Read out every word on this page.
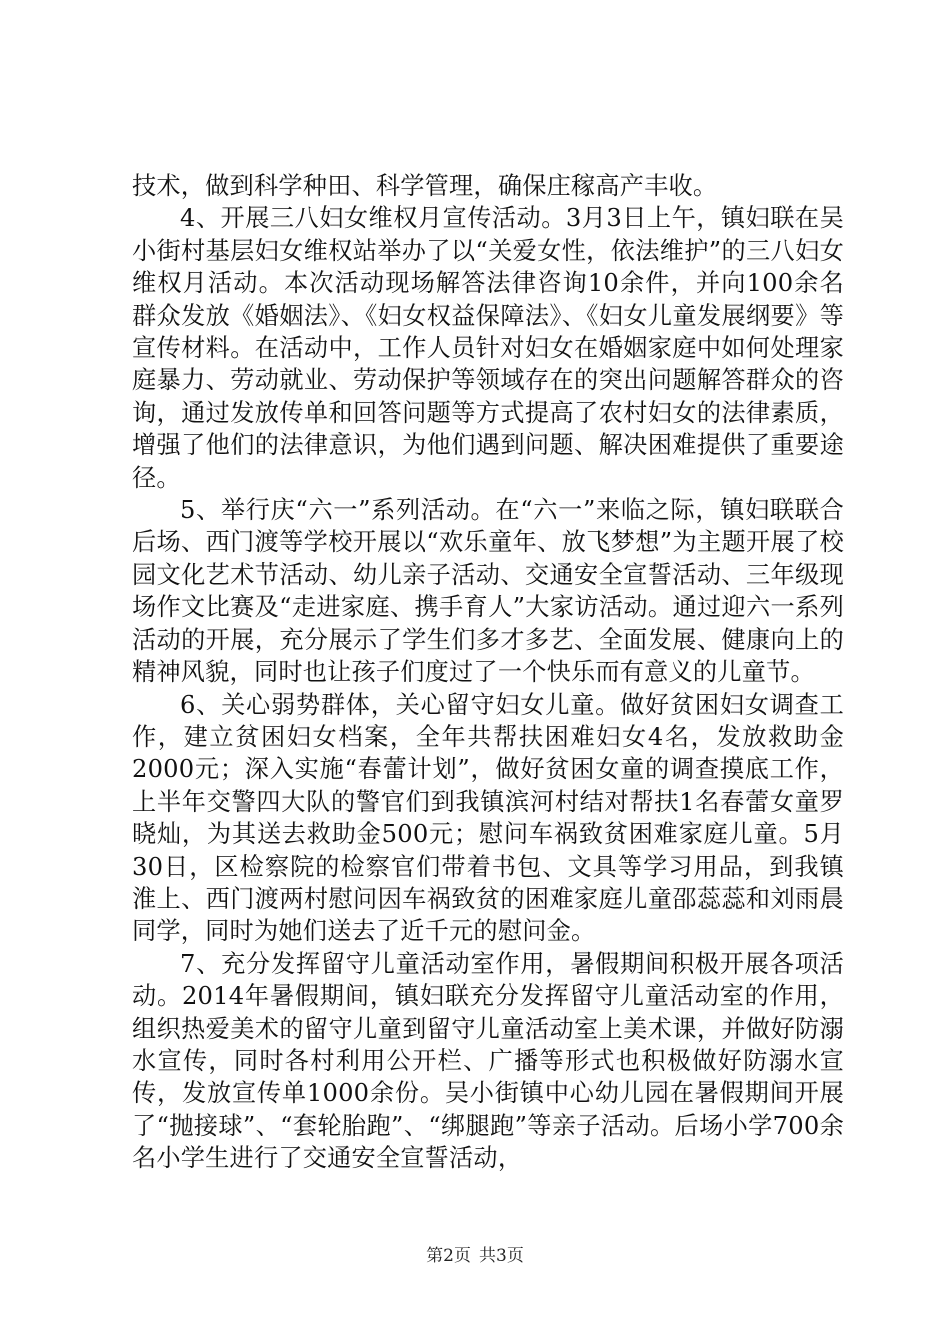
技术，做到科学种田、科学管理，确保庄稼高产丰收。

4、开展三八妇女维权月宣传活动。3月3日上午，镇妇联在吴小街村基层妇女维权站举办了以“关爱女性，依法维护”的三八妇女维权月活动。本次活动现场解答法律咨询10余件，并向100余名群众发放《婚姻法》、《妇女权益保障法》、《妇女儿童发展纲要》等宣传材料。在活动中，工作人员针对妇女在婚姻家庭中如何处理家庭暴力、劳动就业、劳动保护等领域存在的突出问题解答群众的咨询，通过发放传单和回答问题等方式提高了农村妇女的法律素质，增强了他们的法律意识，为他们遇到问题、解决困难提供了重要途径。

5、举行庆“六一”系列活动。在“六一”来临之际，镇妇联联合后场、西门渡等学校开展以“欢乐童年、放飞梦想”为主题开展了校园文化艺术节活动、幼儿亲子活动、交通安全宣誓活动、三年级现场作文比赛及“走进家庭、携手育人”大家访活动。通过迎六一系列活动的开展，充分展示了学生们多才多艺、全面发展、健康向上的精神风貌，同时也让孩子们度过了一个快乐而有意义的儿童节。

6、关心弱势群体，关心留守妇女儿童。做好贫困妇女调查工作，建立贫困妇女档案，全年共帮扶困难妇女4名，发放救助金2000元；深入实施“春蕾计划”，做好贫困女童的调查摸底工作，上半年交警四大队的警官们到我镇滨河村结对帮扶1名春蕾女童罗晓灿，为其送去救助金500元；慰问车祸致贫困难家庭儿童。5月30日，区检察院的检察官们带着书包、文具等学习用品，到我镇淮上、西门渡两村慰问因车祸致贫的困难家庭儿童邵蕊蕊和刘雨晨同学，同时为她们送去了近千元的慰问金。

7、充分发挥留守儿童活动室作用，暑假期间积极开展各项活动。2014年暑假期间，镇妇联充分发挥留守儿童活动室的作用，组织热爱美术的留守儿童到留守儿童活动室上美术课，并做好防溺水宣传，同时各村利用公开栏、广播等形式也积极做好防溺水宣传，发放宣传单1000余份。吴小街镇中心幼儿园在暑假期间开展了“抛接球”、“套轮胎跑”、“绑腿跑”等亲子活动。后场小学700余名小学生进行了交通安全宣誓活动，

第2页 共3页
